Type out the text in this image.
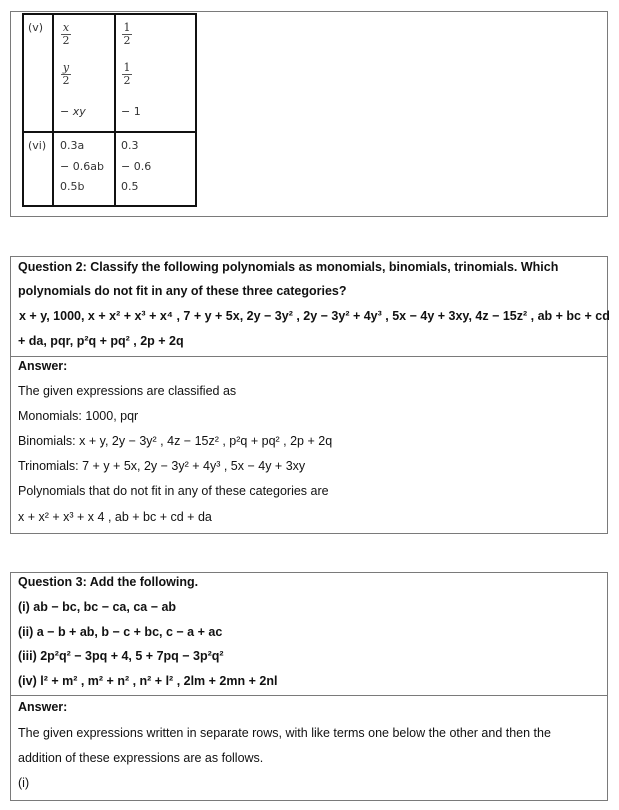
$(v) \frac{x}{2}$
$\frac{y}{2}$
− xy
$\frac{1}{2}$
$\frac{1}{2}$
− 1
(vi) 0.3a
− 0.6ab
0.5b
0.3
− 0.6
0.5
Question 2: Classify the following polynomials as monomials, binomials, trinomials. Which
polynomials do not fit in any of these three categories?
x + y, 1000, x + x² + x³ + x⁴ , 7 + y + 5x, 2y − 3y² , 2y − 3y² + 4y³ , 5x − 4y + 3xy, 4z − 15z² , ab + bc + cd
+ da, pqr, p²q + pq² , 2p + 2q
Answer:
The given expressions are classified as
Monomials: 1000, pqr
Binomials: x + y, 2y − 3y² , 4z − 15z² , p²q + pq² , 2p + 2q
Trinomials: 7 + y + 5x, 2y − 3y² + 4y³ , 5x − 4y + 3xy
Polynomials that do not fit in any of these categories are
x + x² + x³ + x 4 , ab + bc + cd + da
Question 3: Add the following.
(i) ab − bc, bc − ca, ca − ab
(ii) a − b + ab, b − c + bc, c − a + ac
(iii) 2p²q² − 3pq + 4, 5 + 7pq − 3p²q²
(iv) l² + m² , m² + n² , n² + l² , 2lm + 2mn + 2nl
Answer:
The given expressions written in separate rows, with like terms one below the other and then the
addition of these expressions are as follows.
(i)
